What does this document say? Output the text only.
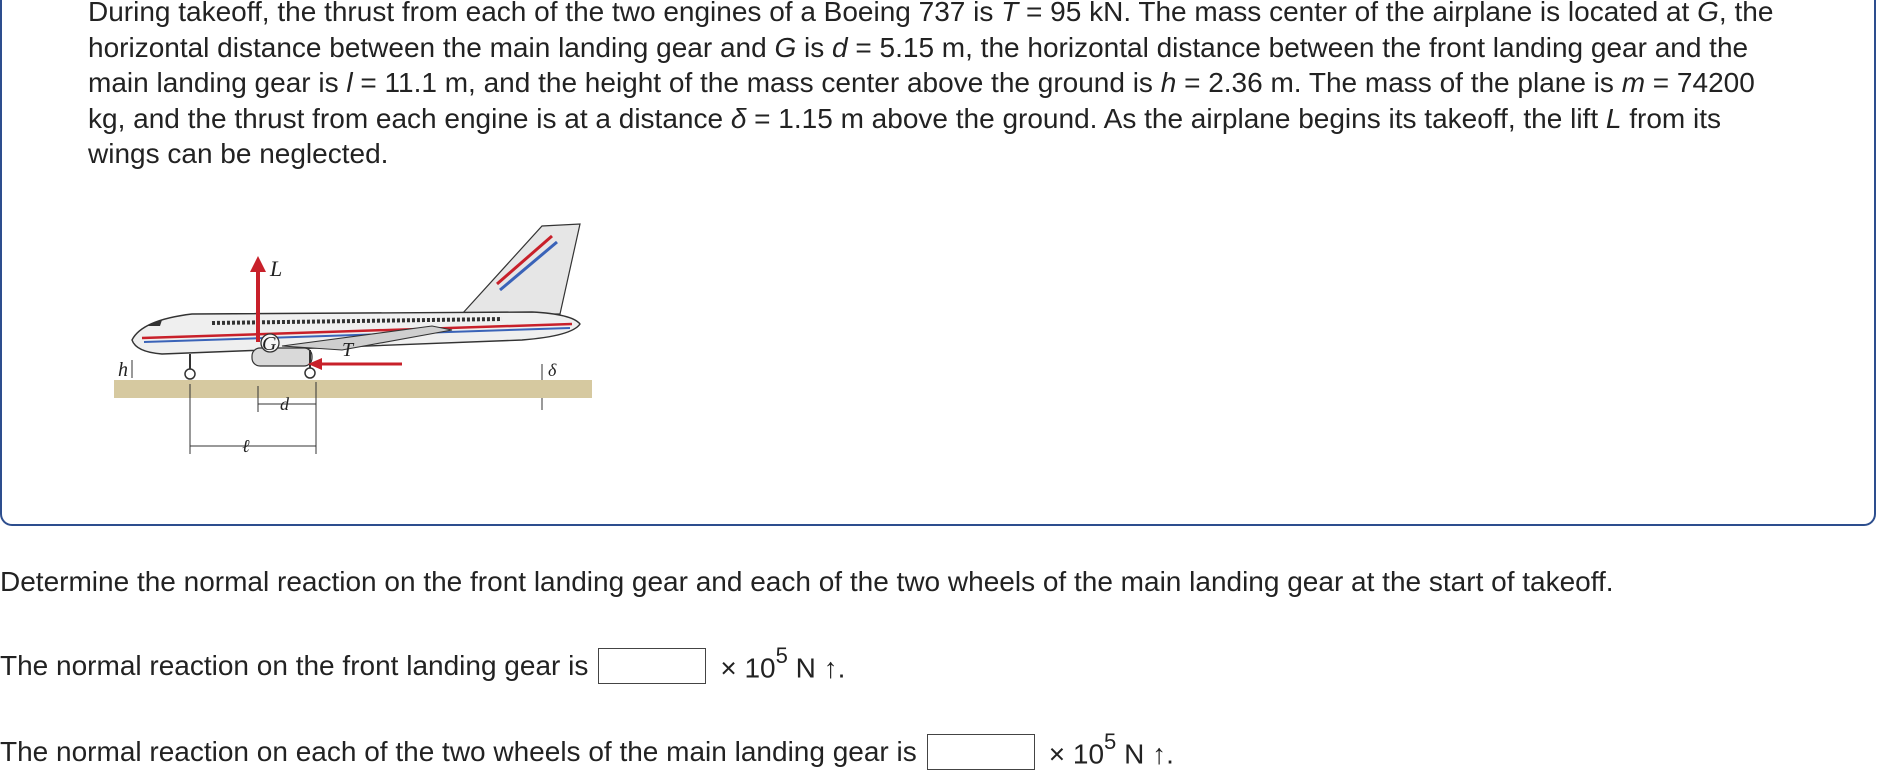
During takeoff, the thrust from each of the two engines of a Boeing 737 is T = 95 kN. The mass center of the airplane is located at G, the horizontal distance between the main landing gear and G is d = 5.15 m, the horizontal distance between the front landing gear and the main landing gear is l = 11.1 m, and the height of the mass center above the ground is h = 2.36 m. The mass of the plane is m = 74200 kg, and the thrust from each engine is at a distance δ = 1.15 m above the ground. As the airplane begins its takeoff, the lift L from its wings can be neglected.
L
G	T
h	δ
d
ℓ
Determine the normal reaction on the front landing gear and each of the two wheels of the main landing gear at the start of takeoff.
The normal reaction on the front landing gear is	× $10^5$ N ↑.
The normal reaction on each of the two wheels of the main landing gear is	× $10^5$ N ↑.
